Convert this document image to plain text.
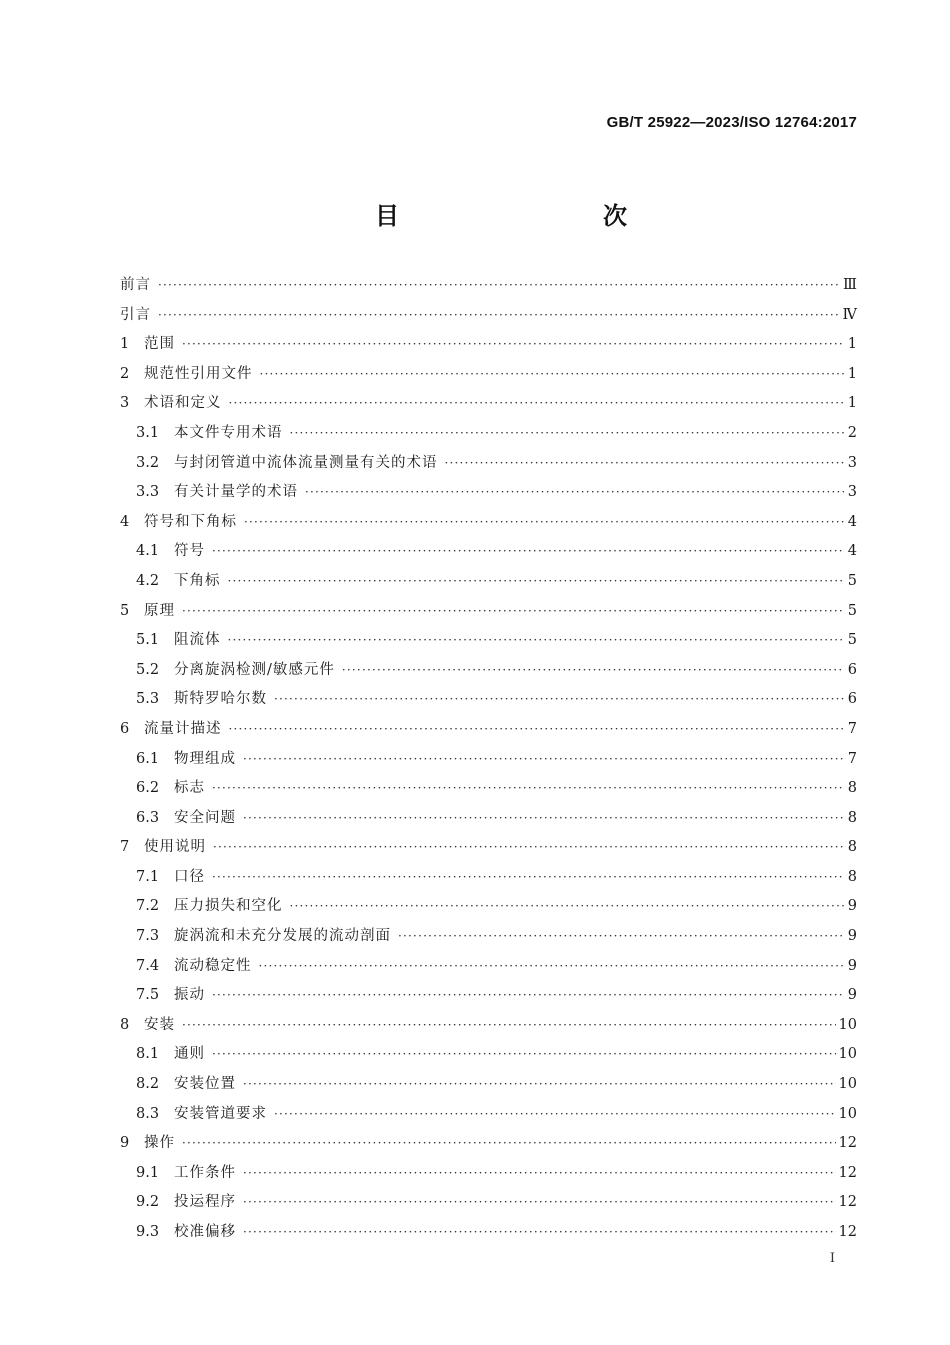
GB/T 25922—2023/ISO 12764:2017
目　　次
前言 ·····	Ⅲ
引言 ·····	Ⅳ
1	范围 ·····	1
2	规范性引用文件 ·····	1
3	术语和定义 ·····	1
3.1	本文件专用术语 ·····	2
3.2	与封闭管道中流体流量测量有关的术语 ·····	3
3.3	有关计量学的术语 ·····	3
4	符号和下角标 ·····	4
4.1	符号 ·····	4
4.2	下角标 ·····	5
5	原理 ·····	5
5.1	阻流体 ·····	5
5.2	分离旋涡检测/敏感元件 ·····	6
5.3	斯特罗哈尔数 ·····	6
6	流量计描述 ·····	7
6.1	物理组成 ·····	7
6.2	标志 ·····	8
6.3	安全问题 ·····	8
7	使用说明 ·····	8
7.1	口径 ·····	8
7.2	压力损失和空化 ·····	9
7.3	旋涡流和未充分发展的流动剖面 ·····	9
7.4	流动稳定性 ·····	9
7.5	振动 ·····	9
8	安装 ·····	10
8.1	通则 ·····	10
8.2	安装位置 ·····	10
8.3	安装管道要求 ·····	10
9	操作 ·····	12
9.1	工作条件 ·····	12
9.2	投运程序 ·····	12
9.3	校准偏移 ·····	12
I
